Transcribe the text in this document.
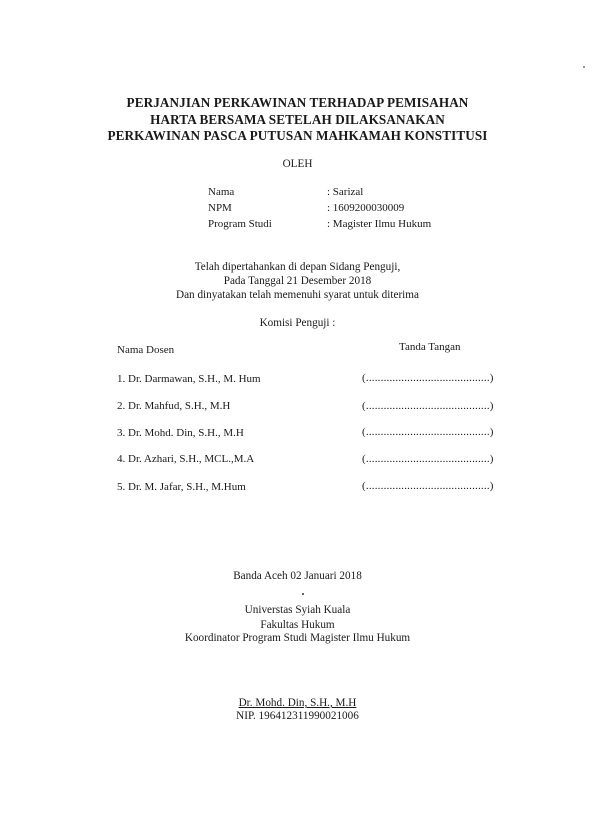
PERJANJIAN PERKAWINAN TERHADAP PEMISAHAN
HARTA BERSAMA SETELAH DILAKSANAKAN
PERKAWINAN PASCA PUTUSAN MAHKAMAH KONSTITUSI
OLEH
Nama	: Sarizal
NPM	: 1609200030009
Program Studi	: Magister Ilmu Hukum
Telah dipertahankan di depan Sidang Penguji,
Pada Tanggal 21 Desember 2018
Dan dinyatakan telah memenuhi syarat untuk diterima
Komisi Penguji :
Nama Dosen	Tanda Tangan
1. Dr. Darmawan, S.H., M. Hum	(..........................................)
2. Dr. Mahfud, S.H., M.H	(..........................................)
3. Dr. Mohd. Din, S.H., M.H	(..........................................)
4. Dr. Azhari, S.H., MCL.,M.A	(..........................................)
5. Dr. M. Jafar, S.H., M.Hum	(..........................................)
Banda Aceh 02 Januari 2018
Universtas Syiah Kuala
Fakultas Hukum
Koordinator Program Studi Magister Ilmu Hukum
Dr. Mohd. Din, S.H., M.H
NIP. 196412311990021006
